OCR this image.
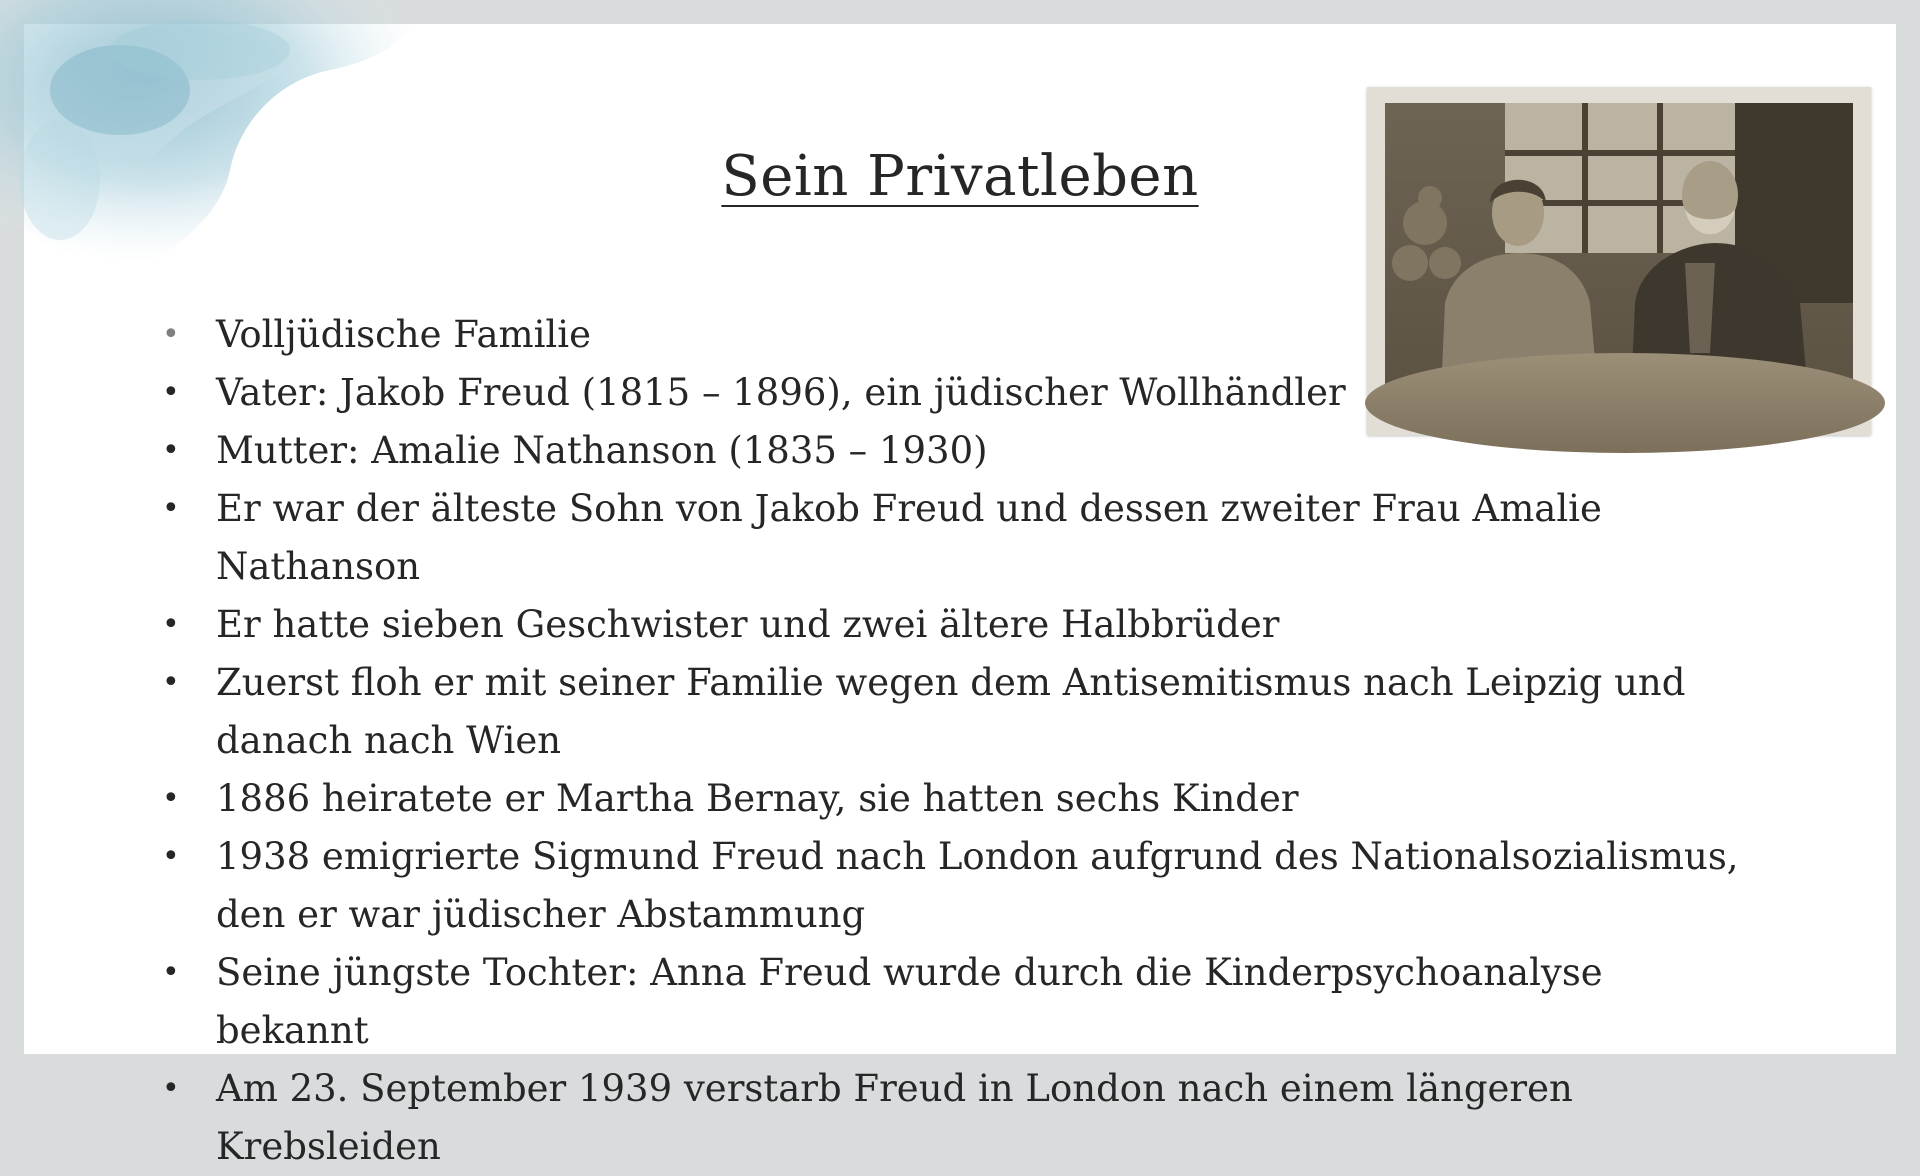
Sein Privatleben
• Volljüdische Familie
• Vater: Jakob Freud (1815 – 1896), ein jüdischer Wollhändler
• Mutter: Amalie Nathanson (1835 – 1930)
• Er war der älteste Sohn von Jakob Freud und dessen zweiter Frau Amalie Nathanson
• Er hatte sieben Geschwister und zwei ältere Halbbrüder
• Zuerst floh er mit seiner Familie wegen dem Antisemitismus nach Leipzig und danach nach Wien
• 1886 heiratete er Martha Bernay, sie hatten sechs Kinder
• 1938 emigrierte Sigmund Freud nach London aufgrund des Nationalsozialismus, den er war jüdischer Abstammung
• Seine jüngste Tochter: Anna Freud wurde durch die Kinderpsychoanalyse bekannt
• Am 23. September 1939 verstarb Freud in London nach einem längeren Krebsleiden
